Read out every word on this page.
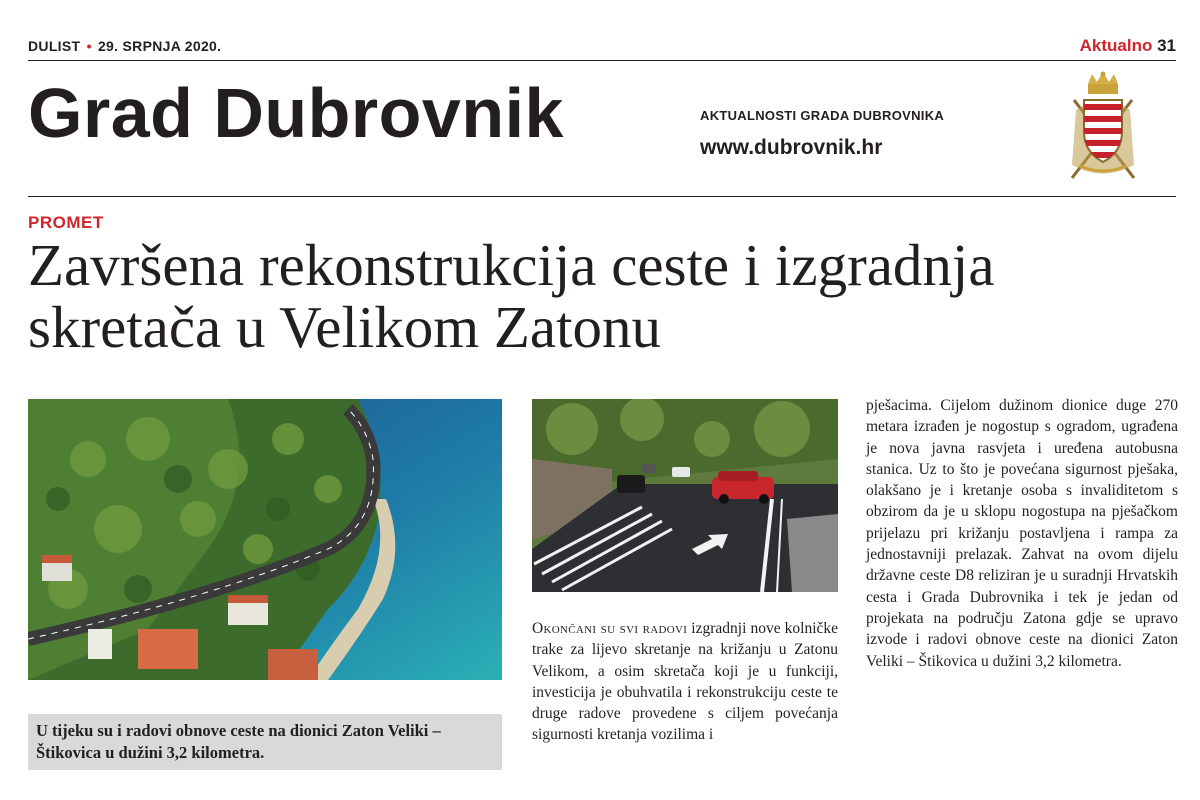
DULIST • 29. SRPNJA 2020.	Aktualno 31
Grad Dubrovnik	AKTUALNOSTI GRADA DUBROVNIKA
www.dubrovnik.hr
PROMET
Završena rekonstrukcija ceste i izgradnja skretača u Velikom Zatonu
U tijeku su i radovi obnove ceste na dionici Zaton Veliki – Štikovica u dužini 3,2 kilometra.

Okončani su svi radovi izgradnji nove kolničke trake za lijevo skretanje na križanju u Zatonu Velikom, a osim skretača koji je u funkciji, investicija je obuhvatila i rekonstrukciju ceste te druge radove provedene s ciljem povećanja sigurnosti kretanja vozilima i

pješacima. Cijelom dužinom dionice duge 270 metara izrađen je nogostup s ogradom, ugrađena je nova javna rasvjeta i uređena autobusna stanica. Uz to što je povećana sigurnost pješaka, olakšano je i kretanje osoba s invaliditetom s obzirom da je u sklopu nogostupa na pješačkom prijelazu pri križanju postavljena i rampa za jednostavniji prelazak. Zahvat na ovom dijelu državne ceste D8 reliziran je u suradnji Hrvatskih cesta i Grada Dubrovnika i tek je jedan od projekata na području Zatona gdje se upravo izvode i radovi obnove ceste na dionici Zaton Veliki – Štikovica u dužini 3,2 kilometra.
